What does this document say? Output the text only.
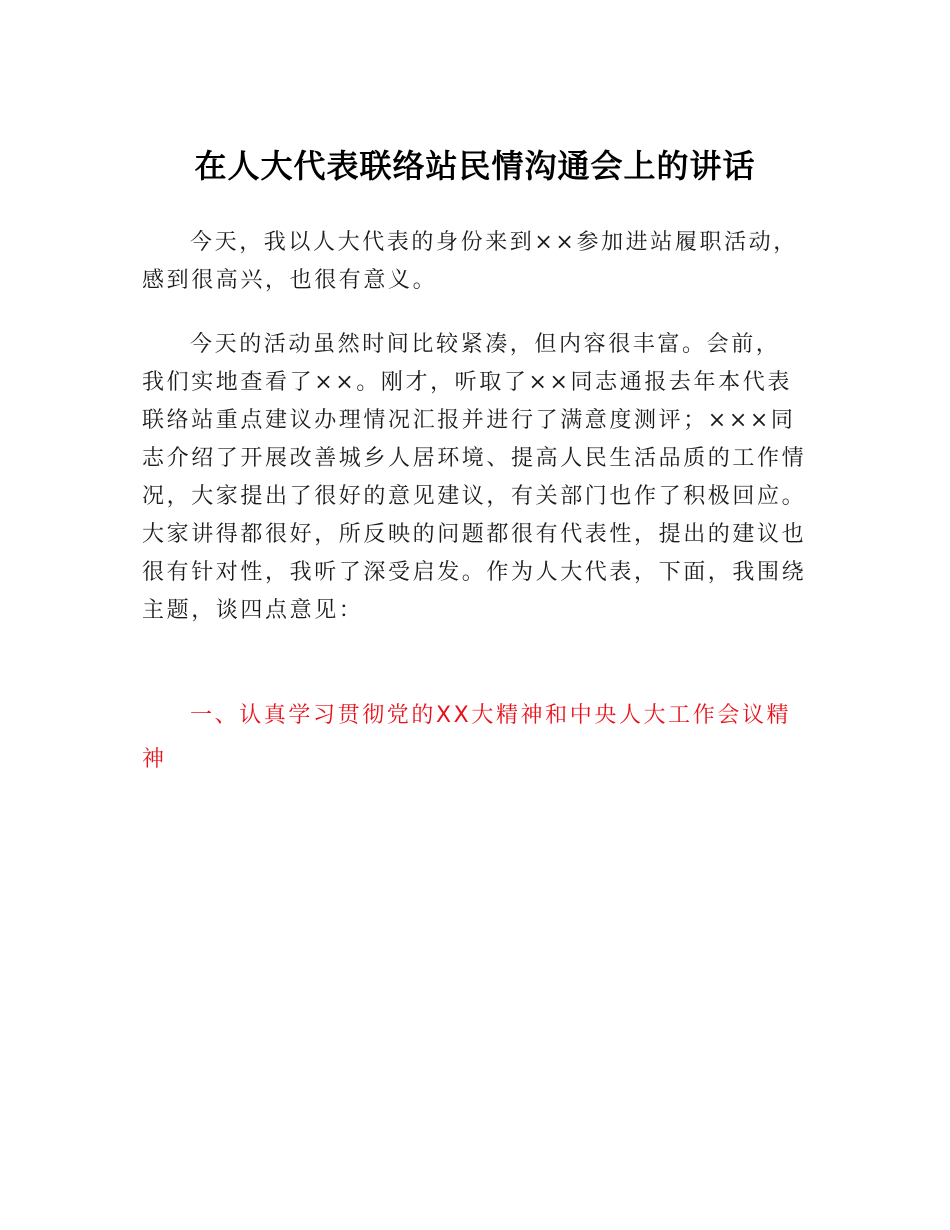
在人大代表联络站民情沟通会上的讲话
今天，我以人大代表的身份来到××参加进站履职活动，
感到很高兴，也很有意义。
今天的活动虽然时间比较紧凑，但内容很丰富。会前，
我们实地查看了××。刚才，听取了××同志通报去年本代表
联络站重点建议办理情况汇报并进行了满意度测评；×××同
志介绍了开展改善城乡人居环境、提高人民生活品质的工作情
况，大家提出了很好的意见建议，有关部门也作了积极回应。
大家讲得都很好，所反映的问题都很有代表性，提出的建议也
很有针对性，我听了深受启发。作为人大代表，下面，我围绕
主题，谈四点意见：
一、认真学习贯彻党的XX大精神和中央人大工作会议精
神
